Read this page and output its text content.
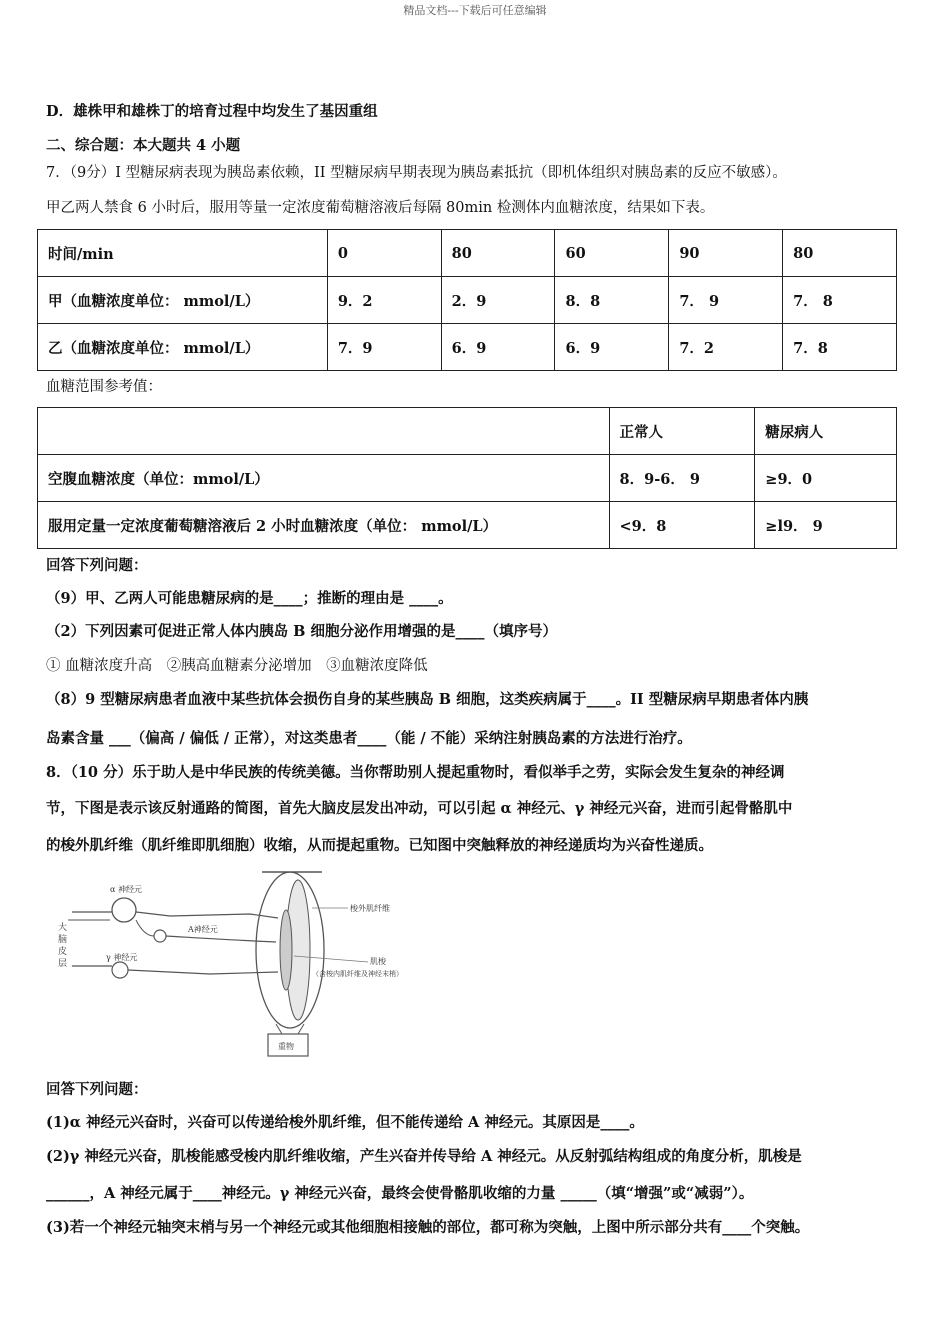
精品文档---下载后可任意编辑
D．雄株甲和雄株丁的培育过程中均发生了基因重组
二、综合题：本大题共 4 小题
7．（9分）I 型糖尿病表现为胰岛素依赖，II 型糖尿病早期表现为胰岛素抵抗（即机体组织对胰岛素的反应不敏感）。
甲乙两人禁食 6 小时后，服用等量一定浓度葡萄糖溶液后每隔 80min 检测体内血糖浓度，结果如下表。
时间/min	0	80	60	90	80
甲（血糖浓度单位： mmol/L）	9．2	2．9	8．8	7． 9	7． 8
乙（血糖浓度单位： mmol/L）	7．9	6．9	6．9	7．2	7．8
血糖范围参考值：
	正常人	糖尿病人
空腹血糖浓度（单位：mmol/L）	8．9-6． 9	≥9．0
服用定量一定浓度葡萄糖溶液后 2 小时血糖浓度（单位： mmol/L）	<9．8	≥l9． 9
回答下列问题：
（9）甲、乙两人可能患糖尿病的是____；推断的理由是 ____。
（2）下列因素可促进正常人体内胰岛 B 细胞分泌作用增强的是____（填序号）
① 血糖浓度升高　②胰高血糖素分泌增加　③血糖浓度降低
（8）9 型糖尿病患者血液中某些抗体会损伤自身的某些胰岛 B 细胞，这类疾病属于____。II 型糖尿病早期患者体内胰
岛素含量 ___（偏高 / 偏低 / 正常），对这类患者____（能 / 不能）采纳注射胰岛素的方法进行治疗。
8．（10 分）乐于助人是中华民族的传统美德。当你帮助别人提起重物时，看似举手之劳，实际会发生复杂的神经调
节，下图是表示该反射通路的简图，首先大脑皮层发出冲动，可以引起 α 神经元、γ 神经元兴奋，进而引起骨骼肌中
的梭外肌纤维（肌纤维即肌细胞）收缩，从而提起重物。已知图中突触释放的神经递质均为兴奋性递质。
大
脑
皮
层
α 神经元
A神经元
γ 神经元
梭外肌纤维
肌梭
（含梭内肌纤维及神经末梢）
重物
回答下列问题：
(1)α 神经元兴奋时，兴奋可以传递给梭外肌纤维，但不能传递给 A 神经元。其原因是____。
(2)γ 神经元兴奋，肌梭能感受梭内肌纤维收缩，产生兴奋并传导给 A 神经元。从反射弧结构组成的角度分析，肌梭是
______，A 神经元属于____神经元。γ 神经元兴奋，最终会使骨骼肌收缩的力量 _____（填“增强”或“减弱”）。
(3)若一个神经元轴突末梢与另一个神经元或其他细胞相接触的部位，都可称为突触，上图中所示部分共有____个突触。
